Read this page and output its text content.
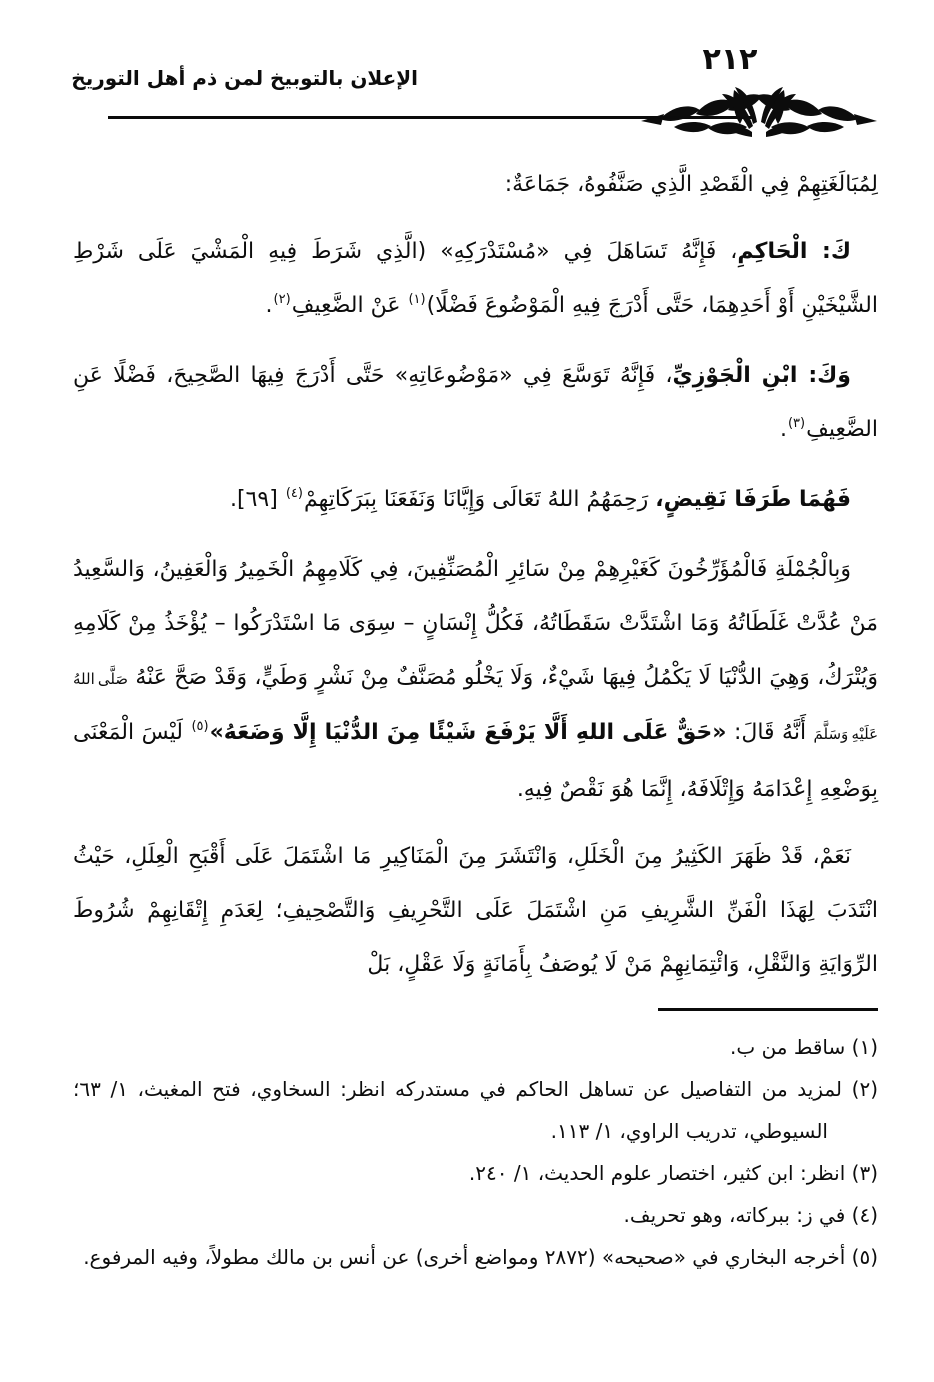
الإعلان بالتوبيخ لمن ذم أهل التوريخ
٢١٢

لِمُبَالَغَتِهِمْ فِي الْقَصْدِ الَّذِي صَنَّفُوهُ، جَمَاعَةٌ:

كَ: الْحَاكِمِ، فَإِنَّهُ تَسَاهَلَ فِي «مُسْتَدْرَكِهِ» (الَّذِي شَرَطَ فِيهِ الْمَشْيَ عَلَى شَرْطِ الشَّيْخَيْنِ أَوْ أَحَدِهِمَا، حَتَّى أَدْرَجَ فِيهِ الْمَوْضُوعَ فَضْلًا)$^{(١)}$ عَنْ الضَّعِيفِ$^{(٢)}$.

وَكَ: ابْنِ الْجَوْزِيِّ، فَإِنَّهُ تَوَسَّعَ فِي «مَوْضُوعَاتِهِ» حَتَّى أَدْرَجَ فِيهَا الصَّحِيحَ، فَضْلًا عَنِ الضَّعِيفِ$^{(٣)}$.

فَهُمَا طَرَفَا نَقِيضٍ، رَحِمَهُمُ اللهُ تَعَالَى وَإِيَّانَا وَنَفَعَنَا بِبَرَكَاتِهِمْ$^{(٤)}$ [٦٩].

وَبِالْجُمْلَةِ فَالْمُؤَرِّخُونَ كَغَيْرِهِمْ مِنْ سَائِرِ الْمُصَنِّفِينَ، فِي كَلَامِهِمُ الْخَمِيرُ وَالْعَفِينُ، وَالسَّعِيدُ مَنْ عُدَّتْ غَلَطَاتُهُ وَمَا اشْتَدَّتْ سَقَطَاتُهُ، فَكُلُّ إِنْسَانٍ – سِوَى مَا اسْتَدْرَكُوا – يُؤْخَذُ مِنْ كَلَامِهِ وَيُتْرَكُ، وَهِيَ الدُّنْيَا لَا يَكْمُلُ فِيهَا شَيْءٌ، وَلَا يَخْلُو مُصَنَّفٌ مِنْ نَشْرٍ وَطَيٍّ، وَقَدْ صَحَّ عَنْهُ صَلَّى اللهُ عَلَيْهِ وَسَلَّمَ أَنَّهُ قَالَ: «حَقٌّ عَلَى اللهِ أَلَّا يَرْفَعَ شَيْئًا مِنَ الدُّنْيَا إِلَّا وَضَعَهُ»$^{(٥)}$ لَيْسَ الْمَعْنَى بِوَضْعِهِ إِعْدَامَهُ وَإِتْلَافَهُ، إِنَّمَا هُوَ نَقْصٌ فِيهِ.

نَعَمْ، قَدْ ظَهَرَ الكَثِيرُ مِنَ الْخَلَلِ، وَانْتَشَرَ مِنَ الْمَنَاكِيرِ مَا اشْتَمَلَ عَلَى أَقْبَحِ الْعِلَلِ، حَيْثُ انْتَدَبَ لِهَذَا الْفَنِّ الشَّرِيفِ مَنِ اشْتَمَلَ عَلَى التَّحْرِيفِ وَالتَّصْحِيفِ؛ لِعَدَمِ إِتْقَانِهِمْ شُرُوطَ الرِّوَايَةِ وَالنَّقْلِ، وَائْتِمَانِهِمْ مَنْ لَا يُوصَفُ بِأَمَانَةٍ وَلَا عَقْلٍ، بَلْ

(١) ساقط من ب.
(٢) لمزيد من التفاصيل عن تساهل الحاكم في مستدركه انظر: السخاوي، فتح المغيث، ١/ ٦٣؛ السيوطي، تدريب الراوي، ١/ ١١٣.
(٣) انظر: ابن كثير، اختصار علوم الحديث، ١/ ٢٤٠.
(٤) في ز: ببركاته، وهو تحريف.
(٥) أخرجه البخاري في «صحيحه» (٢٨٧٢ ومواضع أخرى) عن أنس بن مالك مطولاً، وفيه المرفوع.
